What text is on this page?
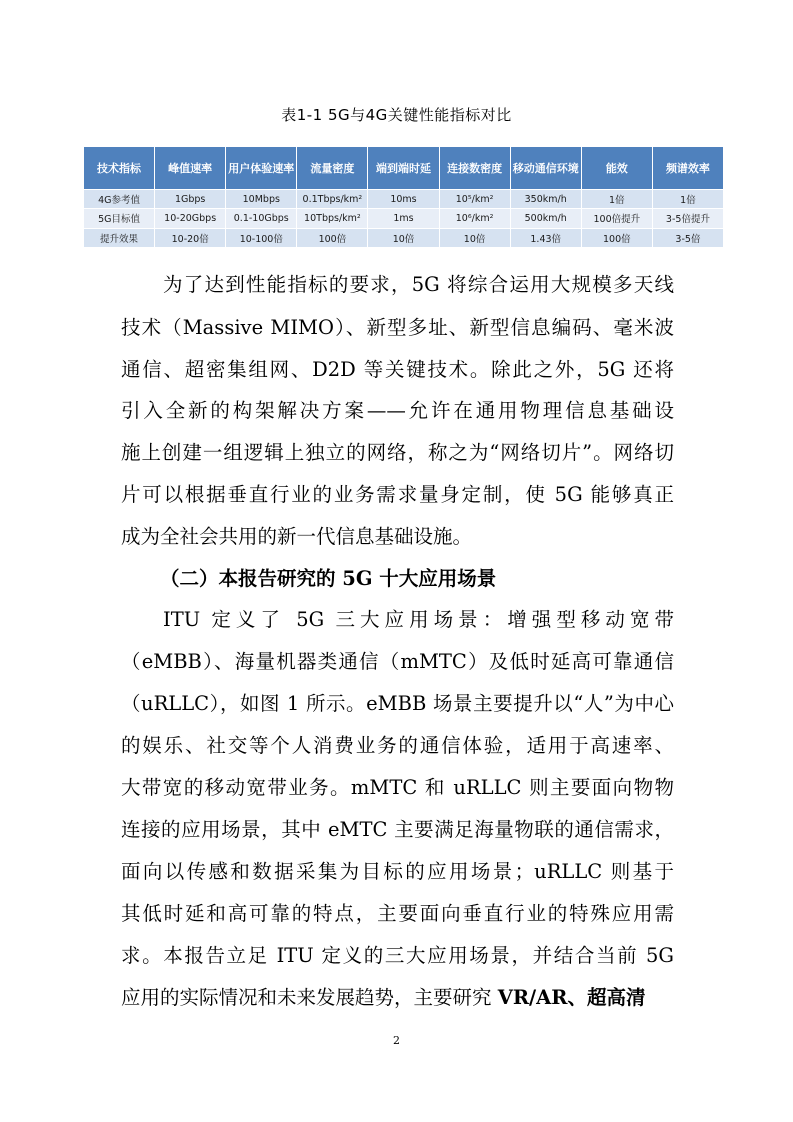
表1-1 5G与4G关键性能指标对比
技术指标	峰值速率	用户体验速率	流量密度	端到端时延	连接数密度	移动通信环境	能效	频谱效率
4G参考值	1Gbps	10Mbps	0.1Tbps/km²	10ms	10⁵/km²	350km/h	1倍	1倍
5G目标值	10-20Gbps	0.1-10Gbps	10Tbps/km²	1ms	10⁶/km²	500km/h	100倍提升	3-5倍提升
提升效果	10-20倍	10-100倍	100倍	10倍	10倍	1.43倍	100倍	3-5倍
为了达到性能指标的要求，5G 将综合运用大规模多天线
技术（Massive MIMO）、新型多址、新型信息编码、毫米波
通信、超密集组网、D2D 等关键技术。除此之外，5G 还将
引入全新的构架解决方案——允许在通用物理信息基础设
施上创建一组逻辑上独立的网络，称之为“网络切片”。网络切
片可以根据垂直行业的业务需求量身定制，使 5G 能够真正
成为全社会共用的新一代信息基础设施。
（二）本报告研究的 5G 十大应用场景
ITU 定义了 5G 三大应用场景：增强型移动宽带
（eMBB）、海量机器类通信（mMTC）及低时延高可靠通信
（uRLLC），如图 1 所示。eMBB 场景主要提升以“人”为中心
的娱乐、社交等个人消费业务的通信体验，适用于高速率、
大带宽的移动宽带业务。mMTC 和 uRLLC 则主要面向物物
连接的应用场景，其中 eMTC 主要满足海量物联的通信需求，
面向以传感和数据采集为目标的应用场景；uRLLC 则基于
其低时延和高可靠的特点，主要面向垂直行业的特殊应用需
求。本报告立足 ITU 定义的三大应用场景，并结合当前 5G
应用的实际情况和未来发展趋势，主要研究 VR/AR、超高清
2
